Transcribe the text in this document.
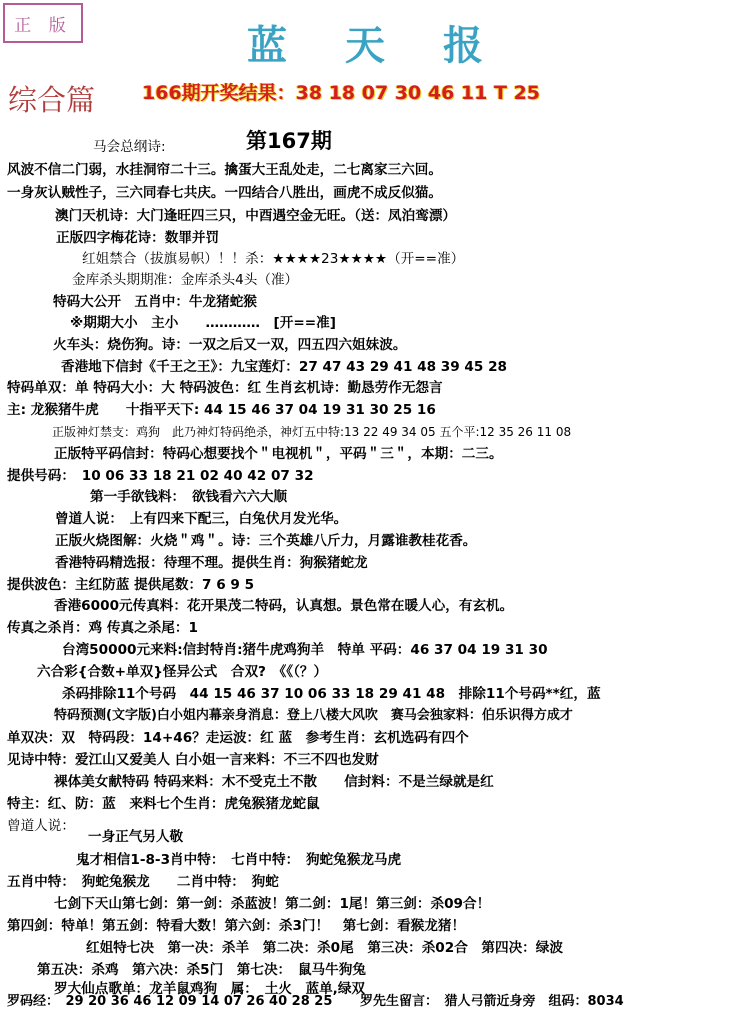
正 版	蓝天报
综合篇 166期开奖结果：38 18 07 30 46 11 T 25
第167期
马会总纲诗:
风波不信二门弱，水挂洞帘二十三。擒蛋大王乱处走，二七离家三六回。
一身灰认贼性子，三六同春七共庆。一四结合八胜出，画虎不成反似猫。
澳门天机诗：大门逢旺四三只，中酉遇空金无旺。（送：凤泊鸾漂）
正版四字梅花诗：数罪并罚
红姐禁合（拔旗易帜）！！杀：★★★★23★★★★（开==准）
金库杀头期期准：金库杀头4头（准）
特码大公开　五肖中：牛龙猪蛇猴
※期期大小　主小　　…………　[开==准]
火车头：烧伤狗。诗：一双之后又一双，四五四六姐妹波。
香港地下信封《千王之王》：九宝莲灯：27 47 43 29 41 48 39 45 28
特码单双：单 特码大小：大 特码波色：红 生肖玄机诗：勤恳劳作无怨言
主: 龙猴猪牛虎　　十指平天下: 44 15 46 37 04 19 31 30 25 16
正版神灯禁支：鸡狗　此乃神灯特码绝杀，神灯五中特:13 22 49 34 05 五个平:12 35 26 11 08
正版特平码信封：特码心想要找个＂电视机＂，平码＂三＂，本期：二三。
提供号码：　10 06 33 18 21 02 40 42 07 32
第一手欲钱料：　欲钱看六六大顺
曾道人说：　上有四来下配三，白兔伏月发光华。
正版火烧图解：火烧＂鸡＂。诗：三个英雄八斤力，月露谁教桂花香。
香港特码精选报：待理不理。提供生肖：狗猴猪蛇龙
提供波色：主红防蓝 提供尾数：7 6 9 5
香港6000元传真料：花开果茂二特码，认真想。景色常在暖人心，有玄机。
传真之杀肖：鸡 传真之杀尾：1
台湾50000元来料:信封特肖:猪牛虎鸡狗羊　特单 平码：46 37 04 19 31 30
六合彩{合数+单双}怪异公式　合双?　《《（？）
杀码排除11个号码　44 15 46 37 10 06 33 18 29 41 48　排除11个号码**红，蓝
特码预测(文字版)白小姐内幕亲身消息：登上八楼大风吹　赛马会独家料：伯乐识得方成才
单双决：双　特码段：14+46？走运波：红 蓝　参考生肖：玄机选码有四个
见诗中特：爱江山又爱美人 白小姐一言来料：不三不四也发财
裸体美女献特码 特码来料：木不受克土不散　　信封料：不是兰绿就是红
特主：红、防：蓝　来料七个生肖：虎兔猴猪龙蛇鼠
曾道人说：
一身正气另人敬
鬼才相信1-8-3肖中特：　七肖中特：　狗蛇兔猴龙马虎
五肖中特：　狗蛇兔猴龙　　二肖中特：　狗蛇
七剑下天山第七剑：第一剑：杀蓝波！第二剑：1尾！第三剑：杀09合！
第四剑：特单！第五剑：特看大数！第六剑：杀3门！　第七剑：看猴龙猪！
红姐特七决　第一决：杀羊　第二决：杀0尾　第三决：杀02合　第四决：绿波
第五决：杀鸡　第六决：杀5门　第七决：　鼠马牛狗兔
罗大仙点歌单：龙羊鼠鸡狗　属：　土火　蓝单,绿双
罗码经：　29 20 36 46 12 09 14 07 26 40 28 25 罗先生留言：　猎人弓箭近身旁　组码：8034
